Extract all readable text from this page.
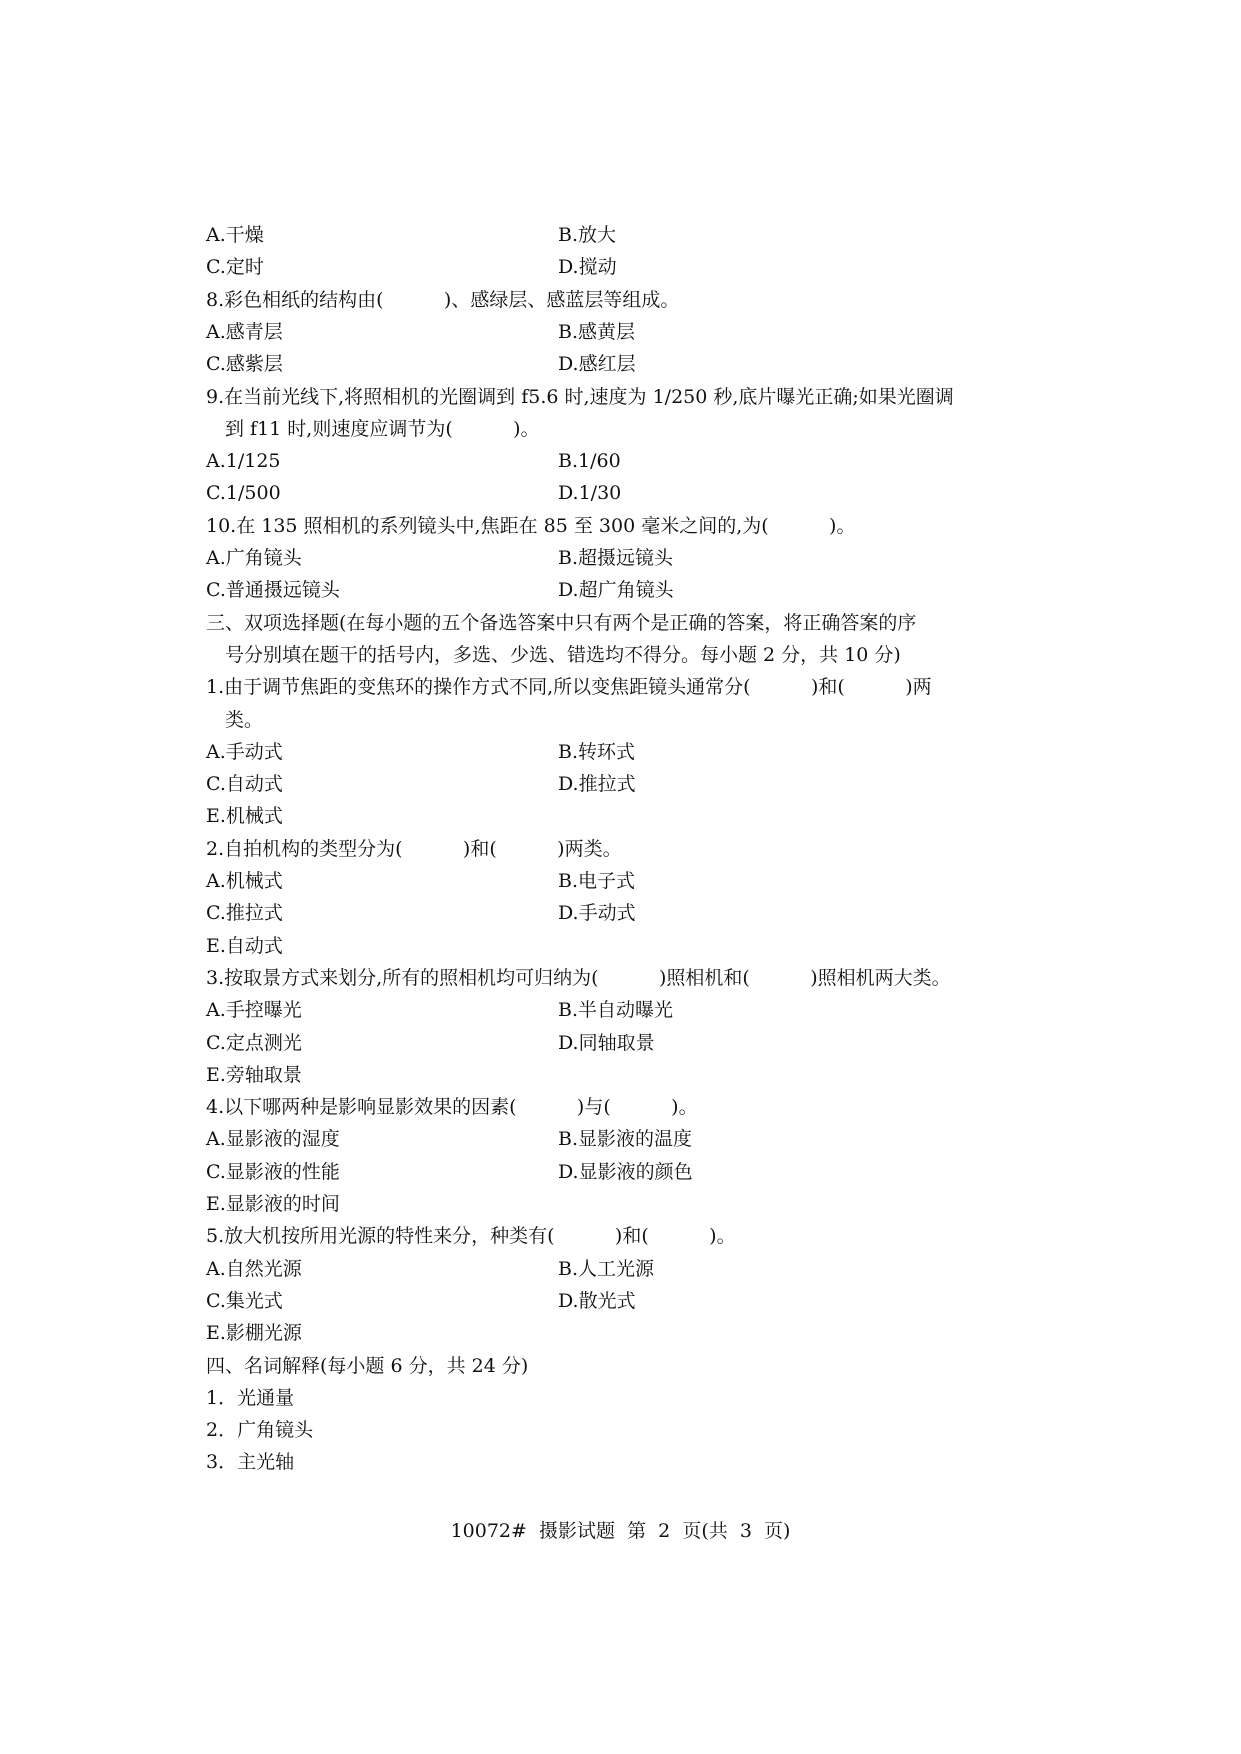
A.干燥	B.放大
C.定时	D.搅动
8.彩色相纸的结构由(          )、感绿层、感蓝层等组成。
A.感青层	B.感黄层
C.感紫层	D.感红层
9.在当前光线下,将照相机的光圈调到 f5.6 时,速度为 1/250 秒,底片曝光正确;如果光圈调
到 f11 时,则速度应调节为(          )。
A.1/125	B.1/60
C.1/500	D.1/30
10.在 135 照相机的系列镜头中,焦距在 85 至 300 毫米之间的,为(          )。
A.广角镜头	B.超摄远镜头
C.普通摄远镜头	D.超广角镜头
三、双项选择题(在每小题的五个备选答案中只有两个是正确的答案，将正确答案的序
号分别填在题干的括号内，多选、少选、错选均不得分。每小题 2 分，共 10 分)
1.由于调节焦距的变焦环的操作方式不同,所以变焦距镜头通常分(          )和(          )两
类。
A.手动式	B.转环式
C.自动式	D.推拉式
E.机械式
2.自拍机构的类型分为(          )和(          )两类。
A.机械式	B.电子式
C.推拉式	D.手动式
E.自动式
3.按取景方式来划分,所有的照相机均可归纳为(          )照相机和(          )照相机两大类。
A.手控曝光	B.半自动曝光
C.定点测光	D.同轴取景
E.旁轴取景
4.以下哪两种是影响显影效果的因素(          )与(          )。
A.显影液的湿度	B.显影液的温度
C.显影液的性能	D.显影液的颜色
E.显影液的时间
5.放大机按所用光源的特性来分，种类有(          )和(          )。
A.自然光源	B.人工光源
C.集光式	D.散光式
E.影棚光源
四、名词解释(每小题 6 分，共 24 分)
1．光通量
2．广角镜头
3．主光轴
10072#  摄影试题  第  2  页(共  3  页)
